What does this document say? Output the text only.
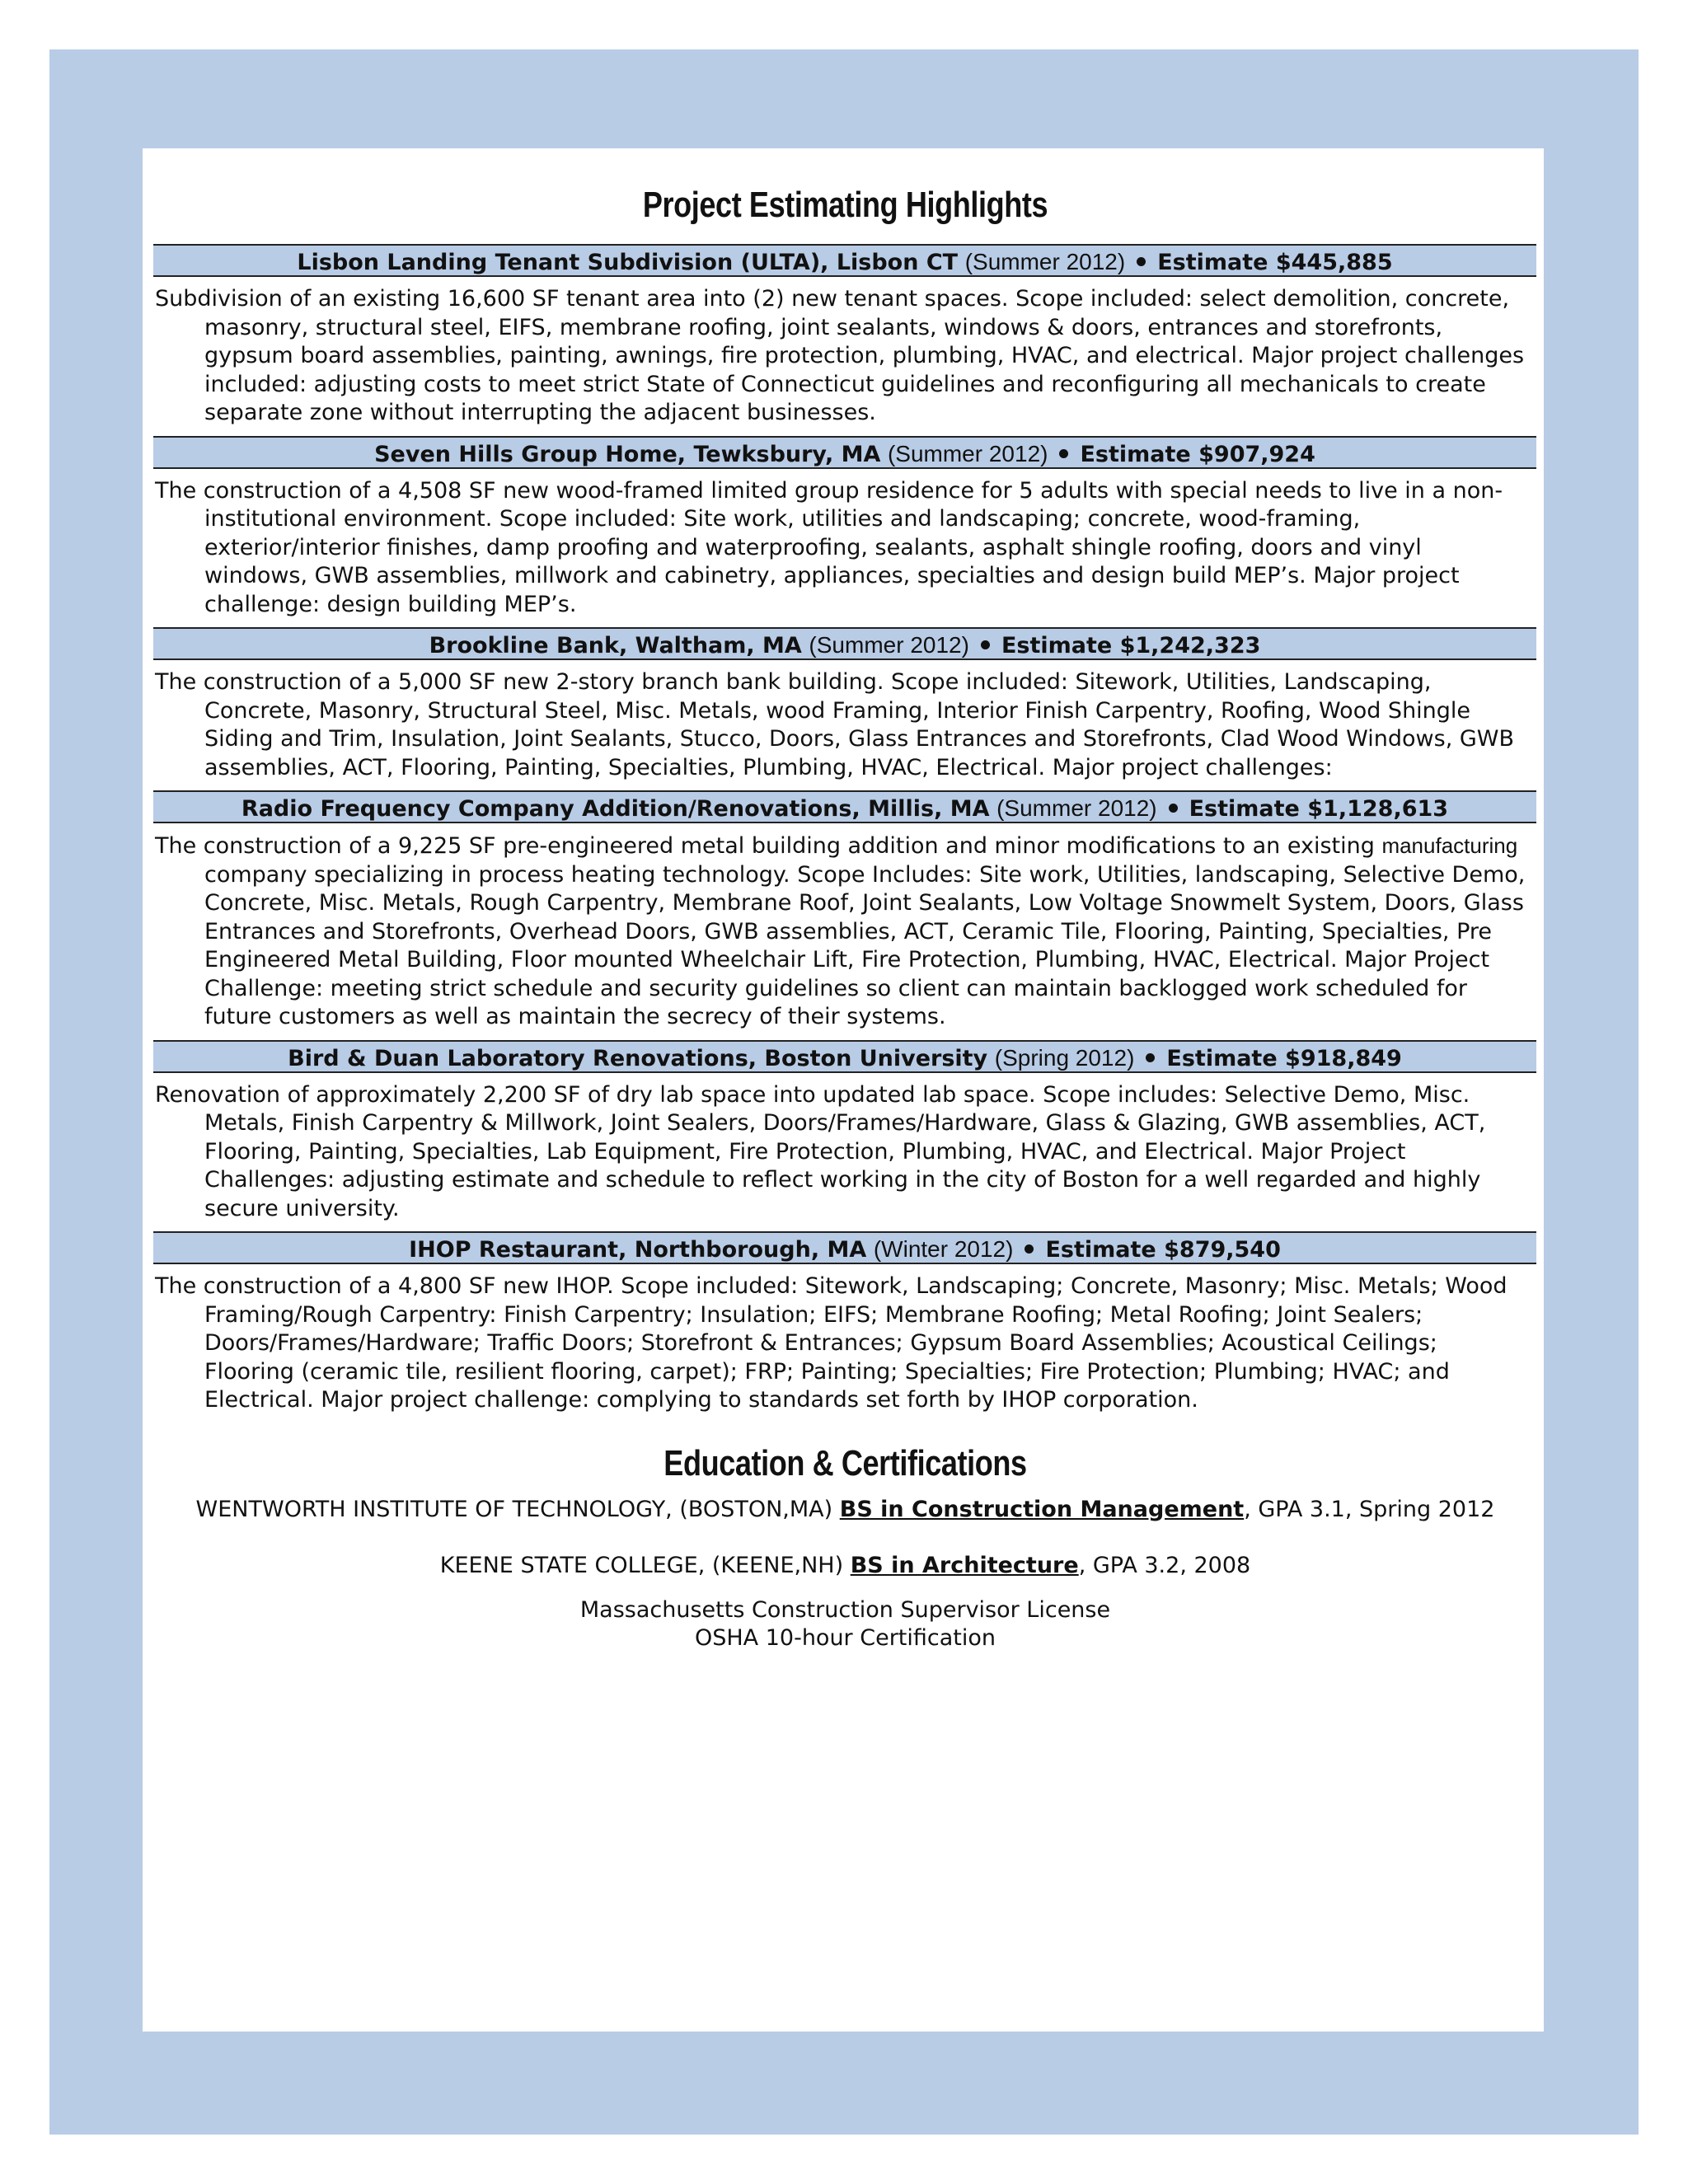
Project Estimating Highlights
Lisbon Landing Tenant Subdivision (ULTA), Lisbon CT (Summer 2012) Estimate $445,885

Subdivision of an existing 16,600 SF tenant area into (2) new tenant spaces. Scope included: select demolition, concrete, masonry, structural steel, EIFS, membrane roofing, joint sealants, windows & doors, entrances and storefronts, gypsum board assemblies, painting, awnings, fire protection, plumbing, HVAC, and electrical. Major project challenges included: adjusting costs to meet strict State of Connecticut guidelines and reconfiguring all mechanicals to create separate zone without interrupting the adjacent businesses.

Seven Hills Group Home, Tewksbury, MA (Summer 2012) Estimate $907,924

The construction of a 4,508 SF new wood-framed limited group residence for 5 adults with special needs to live in a non-institutional environment. Scope included: Site work, utilities and landscaping; concrete, wood-framing, exterior/interior finishes, damp proofing and waterproofing, sealants, asphalt shingle roofing, doors and vinyl windows, GWB assemblies, millwork and cabinetry, appliances, specialties and design build MEP’s. Major project challenge: design building MEP’s.

Brookline Bank, Waltham, MA (Summer 2012) Estimate $1,242,323

The construction of a 5,000 SF new 2-story branch bank building. Scope included: Sitework, Utilities, Landscaping, Concrete, Masonry, Structural Steel, Misc. Metals, wood Framing, Interior Finish Carpentry, Roofing, Wood Shingle Siding and Trim, Insulation, Joint Sealants, Stucco, Doors, Glass Entrances and Storefronts, Clad Wood Windows, GWB assemblies, ACT, Flooring, Painting, Specialties, Plumbing, HVAC, Electrical. Major project challenges:

Radio Frequency Company Addition/Renovations, Millis, MA (Summer 2012) Estimate $1,128,613

The construction of a 9,225 SF pre-engineered metal building addition and minor modifications to an existing manufacturing company specializing in process heating technology. Scope Includes: Site work, Utilities, landscaping, Selective Demo, Concrete, Misc. Metals, Rough Carpentry, Membrane Roof, Joint Sealants, Low Voltage Snowmelt System, Doors, Glass Entrances and Storefronts, Overhead Doors, GWB assemblies, ACT, Ceramic Tile, Flooring, Painting, Specialties, Pre Engineered Metal Building, Floor mounted Wheelchair Lift, Fire Protection, Plumbing, HVAC, Electrical. Major Project Challenge: meeting strict schedule and security guidelines so client can maintain backlogged work scheduled for future customers as well as maintain the secrecy of their systems.

Bird & Duan Laboratory Renovations, Boston University (Spring 2012) Estimate $918,849

Renovation of approximately 2,200 SF of dry lab space into updated lab space. Scope includes: Selective Demo, Misc. Metals, Finish Carpentry & Millwork, Joint Sealers, Doors/Frames/Hardware, Glass & Glazing, GWB assemblies, ACT, Flooring, Painting, Specialties, Lab Equipment, Fire Protection, Plumbing, HVAC, and Electrical. Major Project Challenges: adjusting estimate and schedule to reflect working in the city of Boston for a well regarded and highly secure university.

IHOP Restaurant, Northborough, MA (Winter 2012) Estimate $879,540

The construction of a 4,800 SF new IHOP. Scope included: Sitework, Landscaping; Concrete, Masonry; Misc. Metals; Wood Framing/Rough Carpentry: Finish Carpentry; Insulation; EIFS; Membrane Roofing; Metal Roofing; Joint Sealers; Doors/Frames/Hardware; Traffic Doors; Storefront & Entrances; Gypsum Board Assemblies; Acoustical Ceilings; Flooring (ceramic tile, resilient flooring, carpet); FRP; Painting; Specialties; Fire Protection; Plumbing; HVAC; and Electrical. Major project challenge: complying to standards set forth by IHOP corporation.

Education & Certifications

WENTWORTH INSTITUTE OF TECHNOLOGY, (BOSTON,MA) BS in Construction Management, GPA 3.1, Spring 2012

KEENE STATE COLLEGE, (KEENE,NH) BS in Architecture, GPA 3.2, 2008

Massachusetts Construction Supervisor License

OSHA 10-hour Certification
